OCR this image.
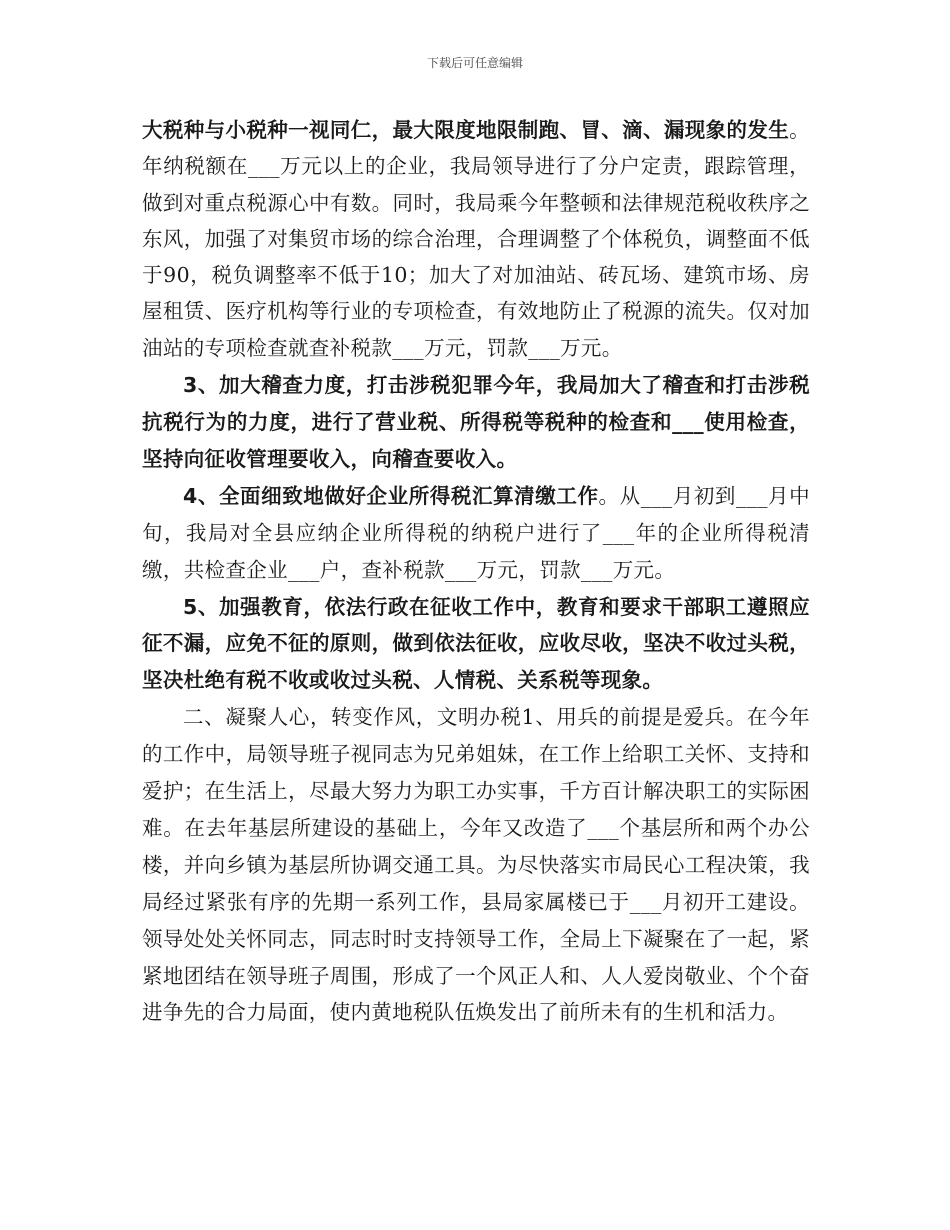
下载后可任意编辑

大税种与小税种一视同仁，最大限度地限制跑、冒、滴、漏现象的发生。年纳税额在___万元以上的企业，我局领导进行了分户定责，跟踪管理，做到对重点税源心中有数。同时，我局乘今年整顿和法律规范税收秩序之东风，加强了对集贸市场的综合治理，合理调整了个体税负，调整面不低于90，税负调整率不低于10；加大了对加油站、砖瓦场、建筑市场、房屋租赁、医疗机构等行业的专项检查，有效地防止了税源的流失。仅对加油站的专项检查就查补税款___万元，罚款___万元。

3、加大稽查力度，打击涉税犯罪今年，我局加大了稽查和打击涉税抗税行为的力度，进行了营业税、所得税等税种的检查和___使用检查，坚持向征收管理要收入，向稽查要收入。

4、全面细致地做好企业所得税汇算清缴工作。从___月初到___月中旬，我局对全县应纳企业所得税的纳税户进行了___年的企业所得税清缴，共检查企业___户，查补税款___万元，罚款___万元。

5、加强教育，依法行政在征收工作中，教育和要求干部职工遵照应征不漏，应免不征的原则，做到依法征收，应收尽收，坚决不收过头税，坚决杜绝有税不收或收过头税、人情税、关系税等现象。

二、凝聚人心，转变作风，文明办税1、用兵的前提是爱兵。在今年的工作中，局领导班子视同志为兄弟姐妹，在工作上给职工关怀、支持和爱护；在生活上，尽最大努力为职工办实事，千方百计解决职工的实际困难。在去年基层所建设的基础上，今年又改造了___个基层所和两个办公楼，并向乡镇为基层所协调交通工具。为尽快落实市局民心工程决策，我局经过紧张有序的先期一系列工作，县局家属楼已于___月初开工建设。领导处处关怀同志，同志时时支持领导工作，全局上下凝聚在了一起，紧紧地团结在领导班子周围，形成了一个风正人和、人人爱岗敬业、个个奋进争先的合力局面，使内黄地税队伍焕发出了前所未有的生机和活力。
